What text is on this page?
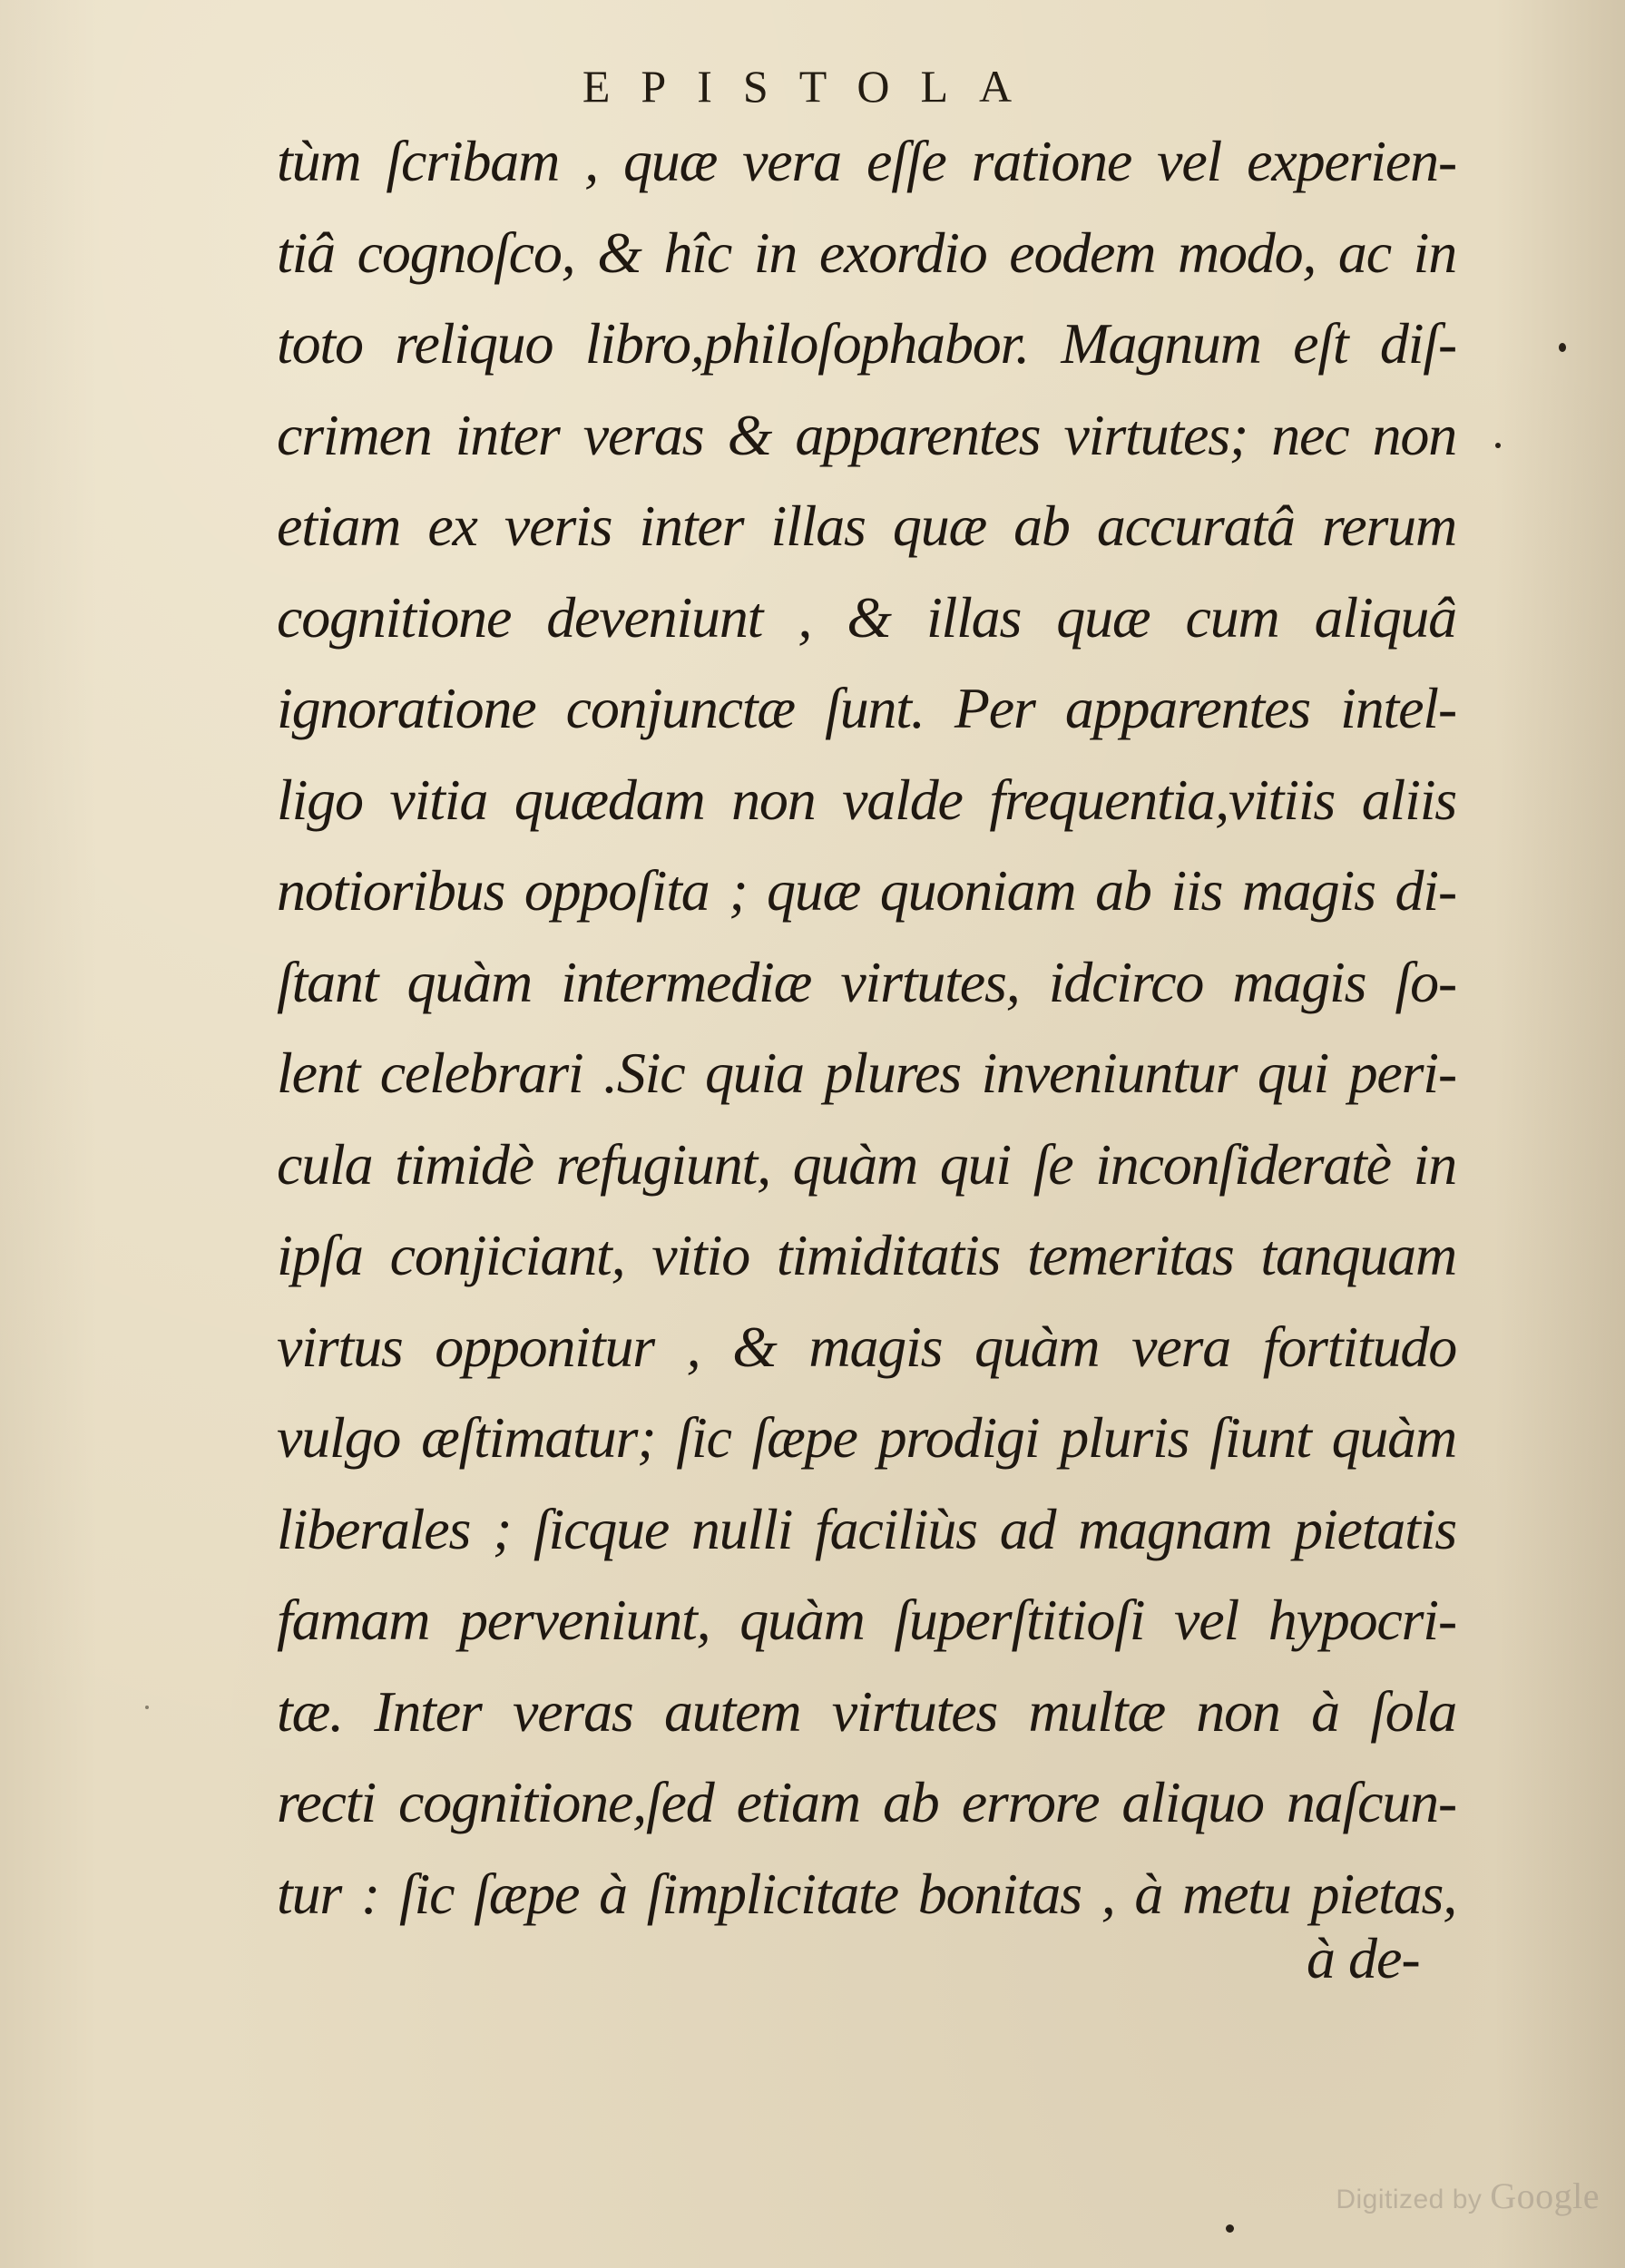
EPISTOLA
tùm ſcribam , quæ vera eſſe ratione vel experien-
tiâ cognoſco, & hîc in exordio eodem modo, ac in
toto reliquo libro,philoſophabor. Magnum eſt diſ-
crimen inter veras & apparentes virtutes; nec non
etiam ex veris inter illas quæ ab accuratâ rerum
cognitione deveniunt , & illas quæ cum aliquâ
ignoratione conjunctæ ſunt. Per apparentes intel-
ligo vitia quædam non valde frequentia,vitiis aliis
notioribus oppoſita ; quæ quoniam ab iis magis di-
ſtant quàm intermediæ virtutes, idcirco magis ſo-
lent celebrari .Sic quia plures inveniuntur qui peri-
cula timidè refugiunt, quàm qui ſe inconſideratè in
ipſa conjiciant, vitio timiditatis temeritas tanquam
virtus opponitur , & magis quàm vera fortitudo
vulgo æſtimatur; ſic ſæpe prodigi pluris ſiunt quàm
liberales ; ſicque nulli faciliùs ad magnam pietatis
famam perveniunt, quàm ſuperſtitioſi vel hypocri-
tæ. Inter veras autem virtutes multæ non à ſola
recti cognitione,ſed etiam ab errore aliquo naſcun-
tur : ſic ſæpe à ſimplicitate bonitas , à metu pietas,
à de-
Digitized by Google
